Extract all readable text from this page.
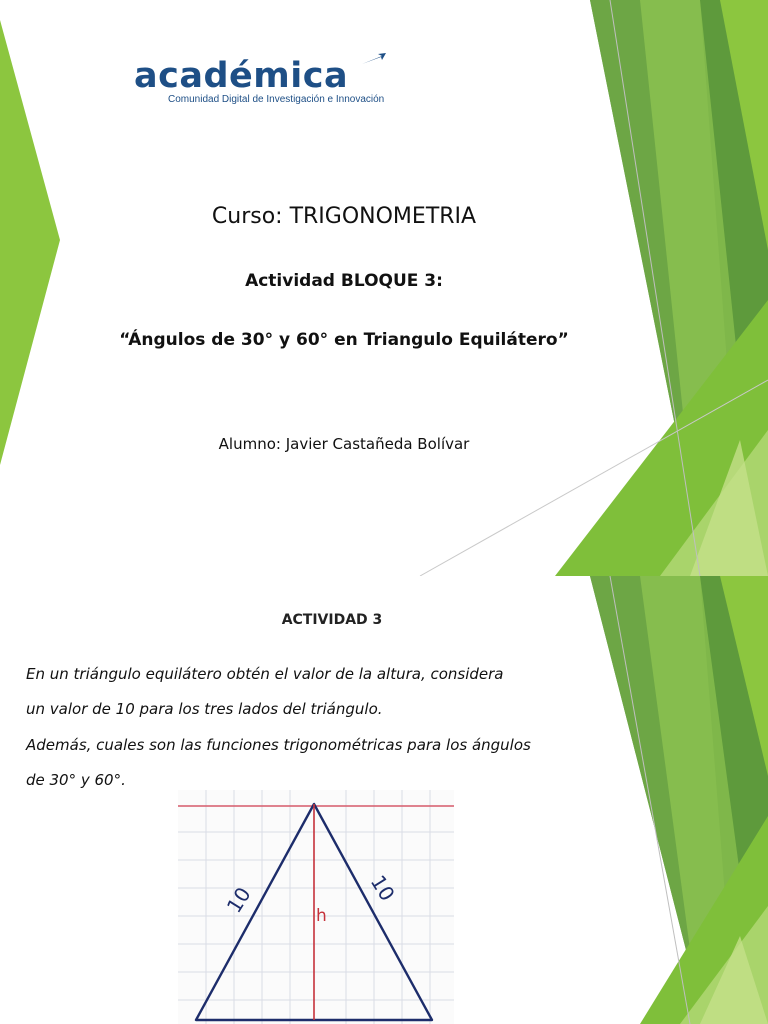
académica
Comunidad Digital de Investigación e Innovación
Curso: TRIGONOMETRIA
Actividad BLOQUE 3:
“Ángulos de 30° y 60° en Triangulo Equilátero”
Alumno: Javier Castañeda Bolívar
ACTIVIDAD 3
En un triángulo equilátero obtén el valor de la altura, considera
un valor de 10 para los tres lados del triángulo.
Además, cuales son las funciones trigonométricas para los ángulos
de 30° y 60°.
10	10
h
